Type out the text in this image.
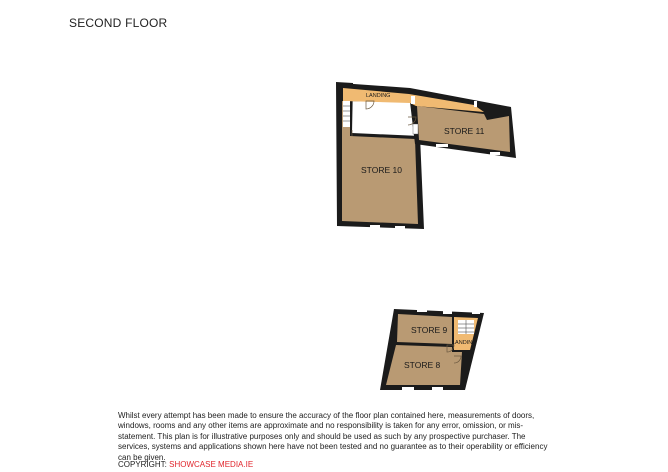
SECOND FLOOR
LANDING
STORE 11
STORE 10
STORE 9
LANDING
STORE 8
Whilst every attempt has been made to ensure the accuracy of the floor plan contained here, measurements of doors, windows, rooms and any other items are approximate and no responsibility is taken for any error, omission, or mis-statement. This plan is for illustrative purposes only and should be used as such by any prospective purchaser. The services, systems and applications shown here have not been tested and no guarantee as to their operability or efficiency can be given.
COPYRIGHT: SHOWCASE MEDIA.IE
